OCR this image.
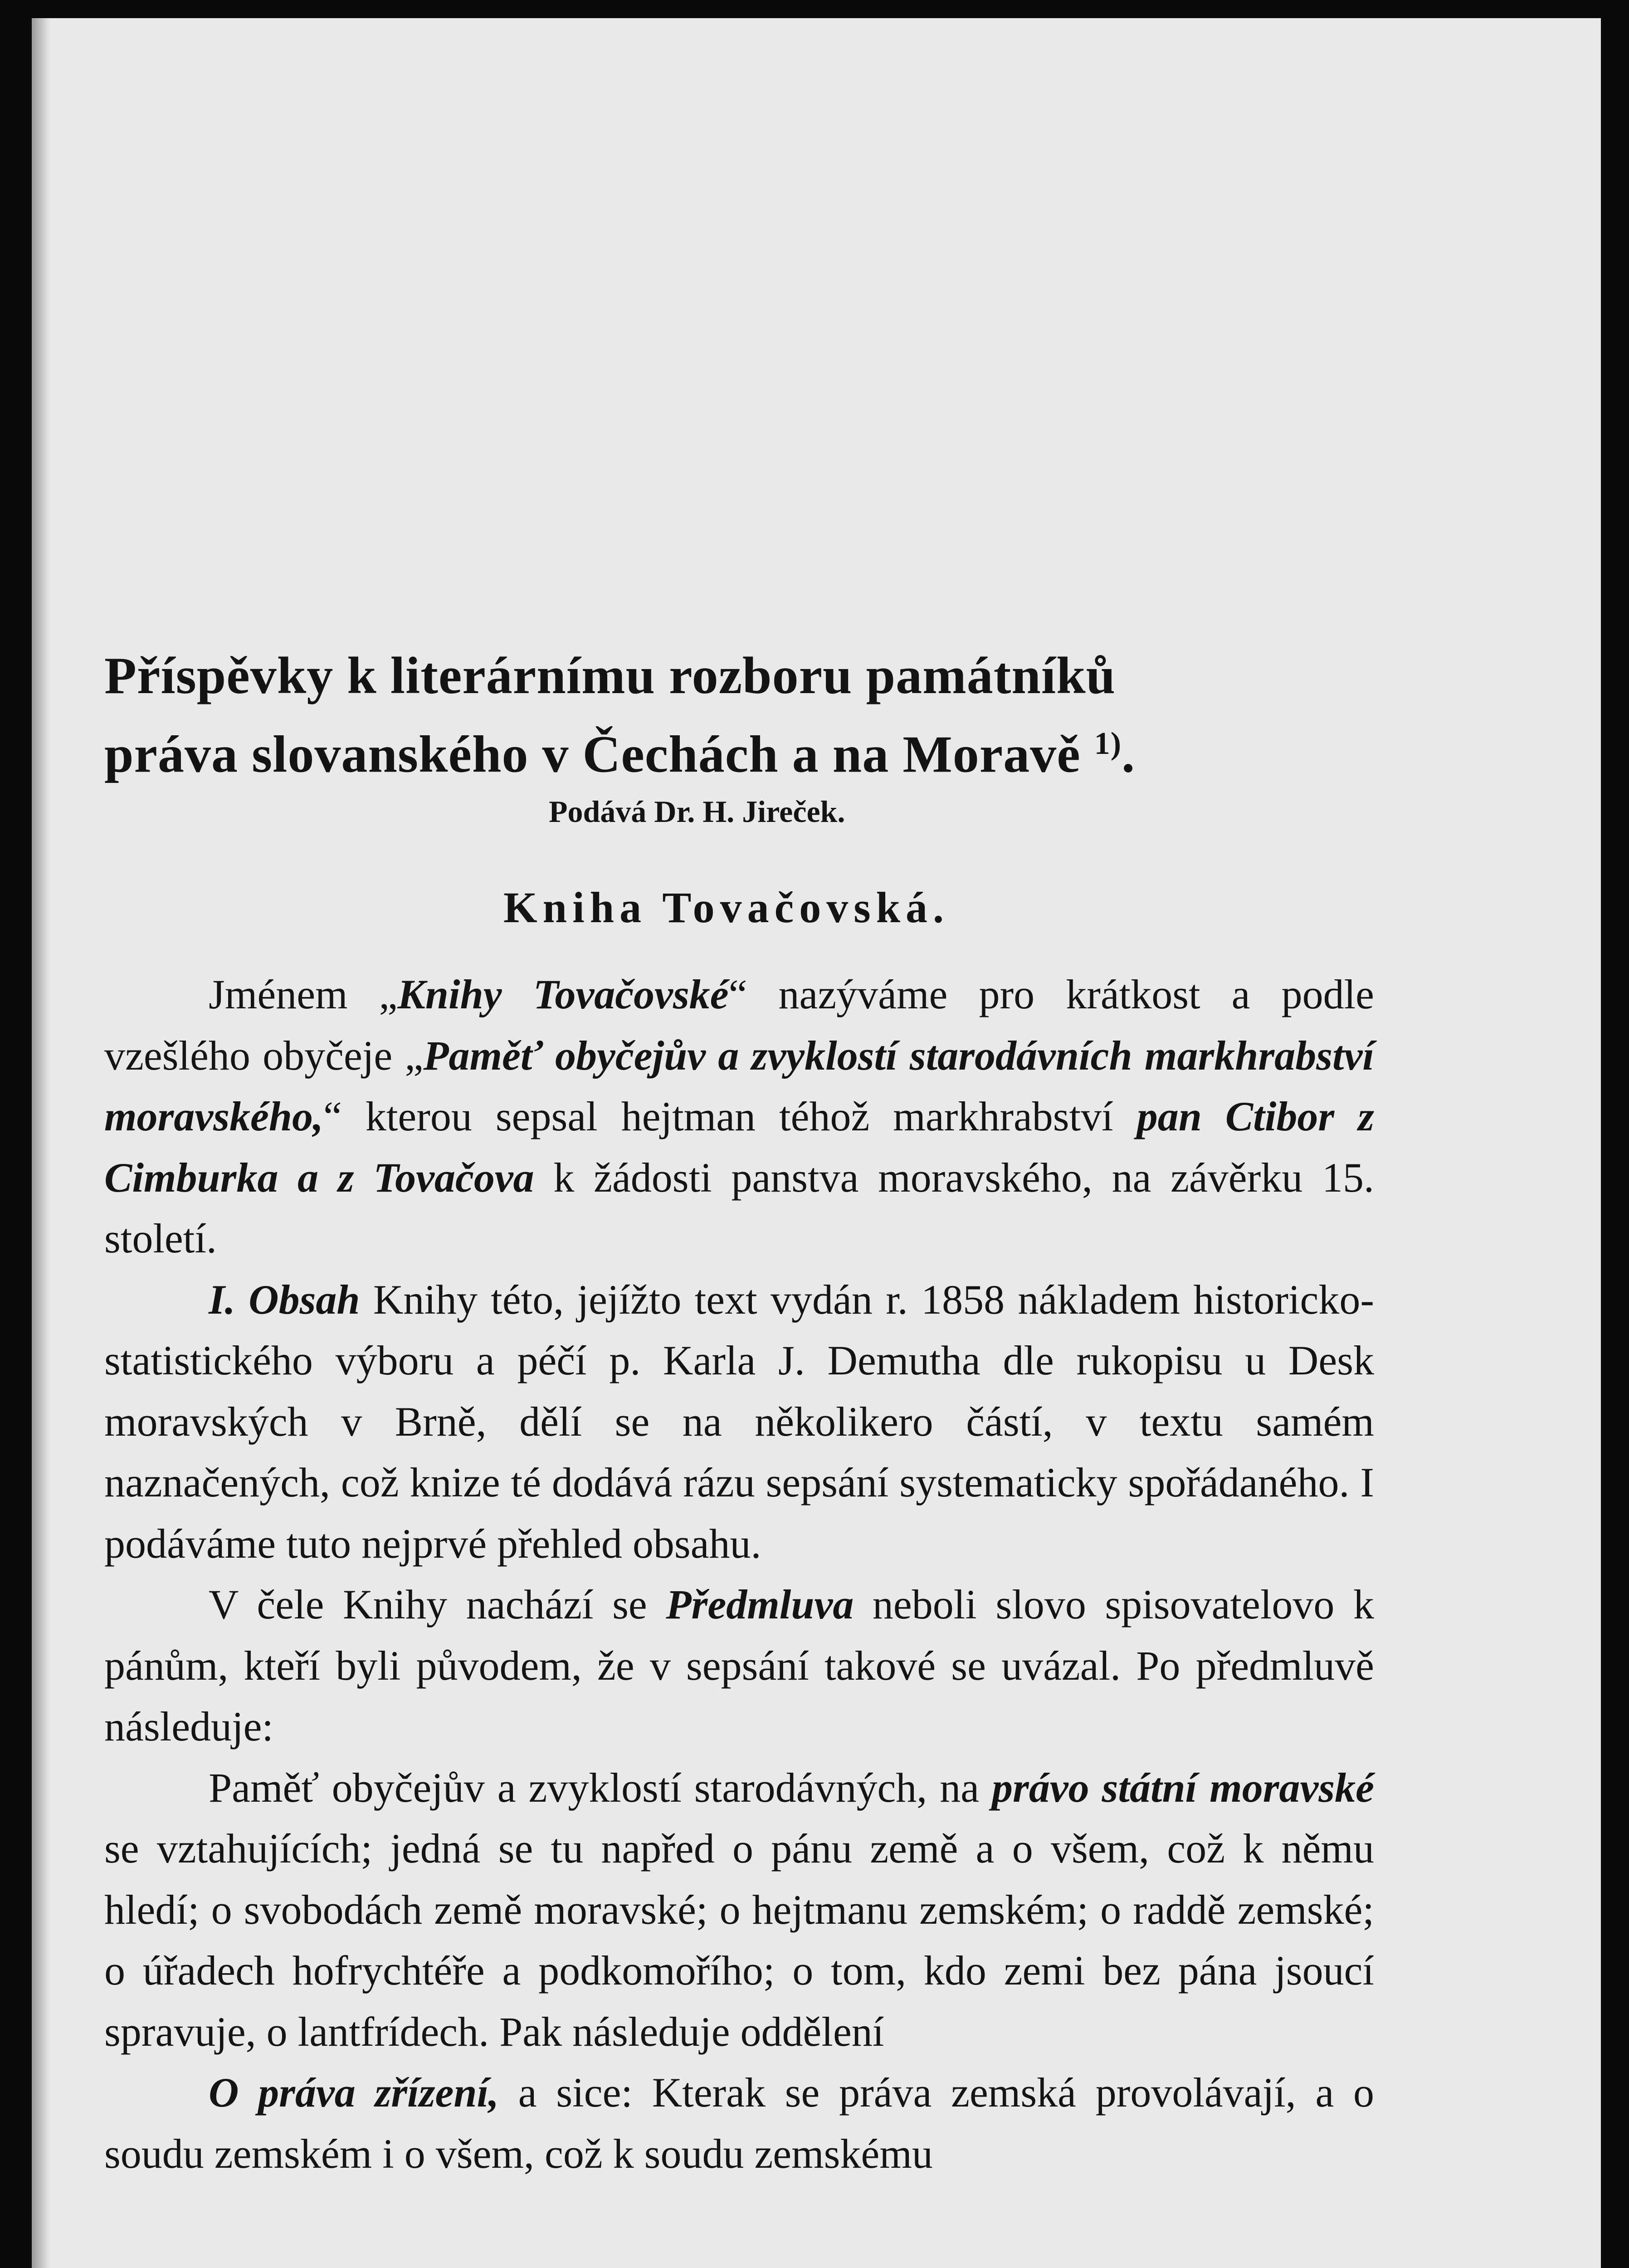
Příspěvky k literárnímu rozboru památníků
práva slovanského v Čechách a na Moravě $^{1)}$.
Podává Dr. H. Jireček.
Kniha Tovačovská.

Jménem „Knihy Tovačovské“ nazýváme pro krátkost a podle vzešlého obyčeje „Paměť obyčejův a zvyklostí starodávních markhrabství moravského,“ kterou sepsal hejtman téhož markhrabství pan Ctibor z Cimburka a z Tovačova k žádosti panstva moravského, na závěrku 15. století.

I. Obsah Knihy této, jejížto text vydán r. 1858 nákladem historicko-statistického výboru a péčí p. Karla J. Demutha dle rukopisu u Desk moravských v Brně, dělí se na několikero částí, v textu samém naznačených, což knize té dodává rázu sepsání systematicky spořádaného. I podáváme tuto nejprvé přehled obsahu.

V čele Knihy nachází se Předmluva neboli slovo spisovatelovo k pánům, kteří byli původem, že v sepsání takové se uvázal. Po předmluvě následuje:

Paměť obyčejův a zvyklostí starodávných, na právo státní moravské se vztahujících; jedná se tu napřed o pánu země a o všem, což k němu hledí; o svobodách země moravské; o hejtmanu zemském; o raddě zemské; o úřadech hofrychtéře a podkomořího; o tom, kdo zemi bez pána jsoucí spravuje, o lantfrídech. Pak následuje oddělení

O práva zřízení, a sice: Kterak se práva zemská provolávají, a o soudu zemském i o všem, což k soudu zemskému
